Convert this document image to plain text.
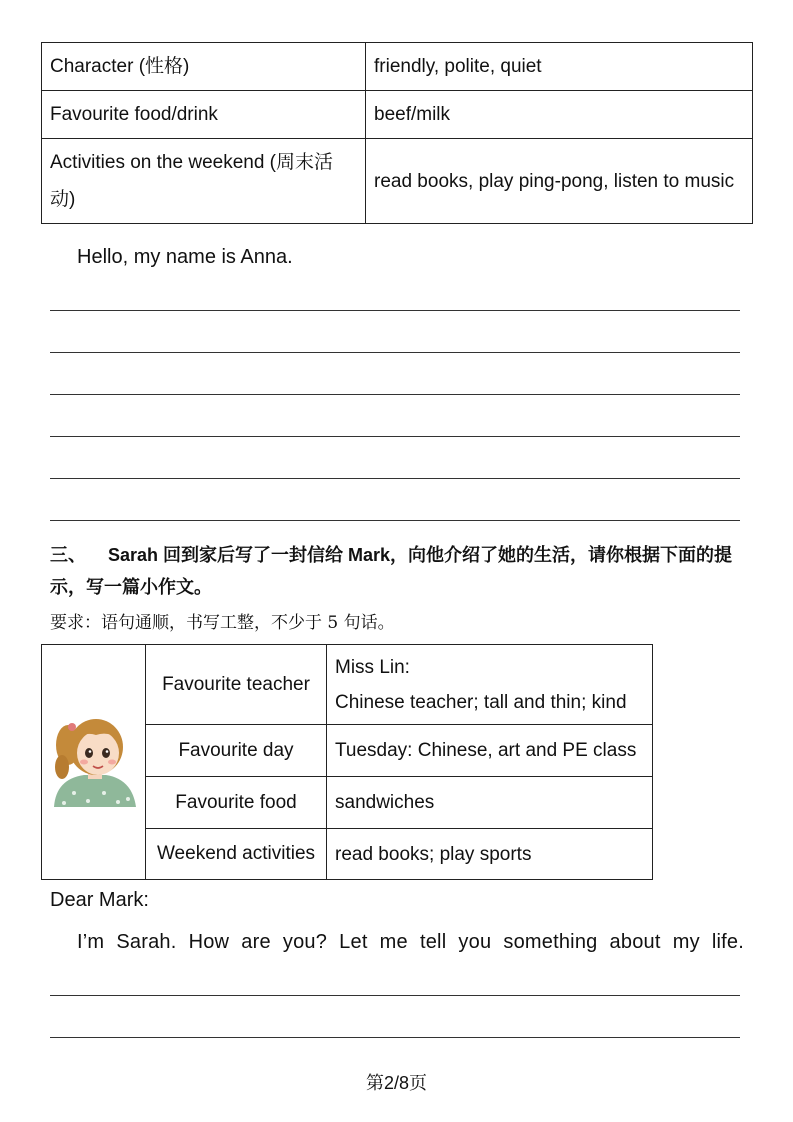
Character (性格)	friendly, polite, quiet
Favourite food/drink	beef/milk
Activities on the weekend (周末活动)	read books, play ping-pong, listen to music
Hello, my name is Anna.
三、 Sarah 回到家后写了一封信给 Mark，向他介绍了她的生活，请你根据下面的提示，写一篇小作文。
要求：语句通顺，书写工整，不少于 5 句话。
	Favourite teacher	Miss Lin:
Chinese teacher; tall and thin; kind

	Favourite day	Tuesday: Chinese, art and PE class
	Favourite food	sandwiches
	Weekend activities	read books; play sports
Dear Mark:
I’m Sarah. How are you? Let me tell you something about my life.
第2/8页
